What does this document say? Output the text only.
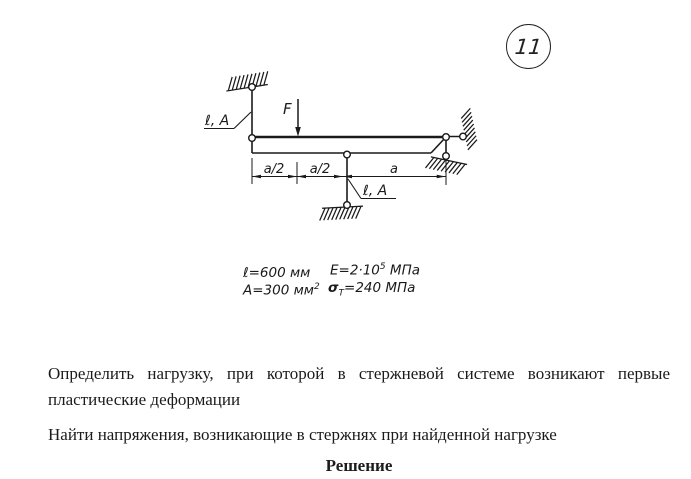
11
F
ℓ, A
ℓ, A
a/2 a/2	a
ℓ=600 мм
A=300 $мм^2$
$E=2\cdot 10^5$ МПа
$\sigma_Т=240$ МПа

Определить нагрузку, при которой в стержневой системе возникают первые пластические деформации

Найти напряжения, возникающие в стержнях при найденной нагрузке

Решение
